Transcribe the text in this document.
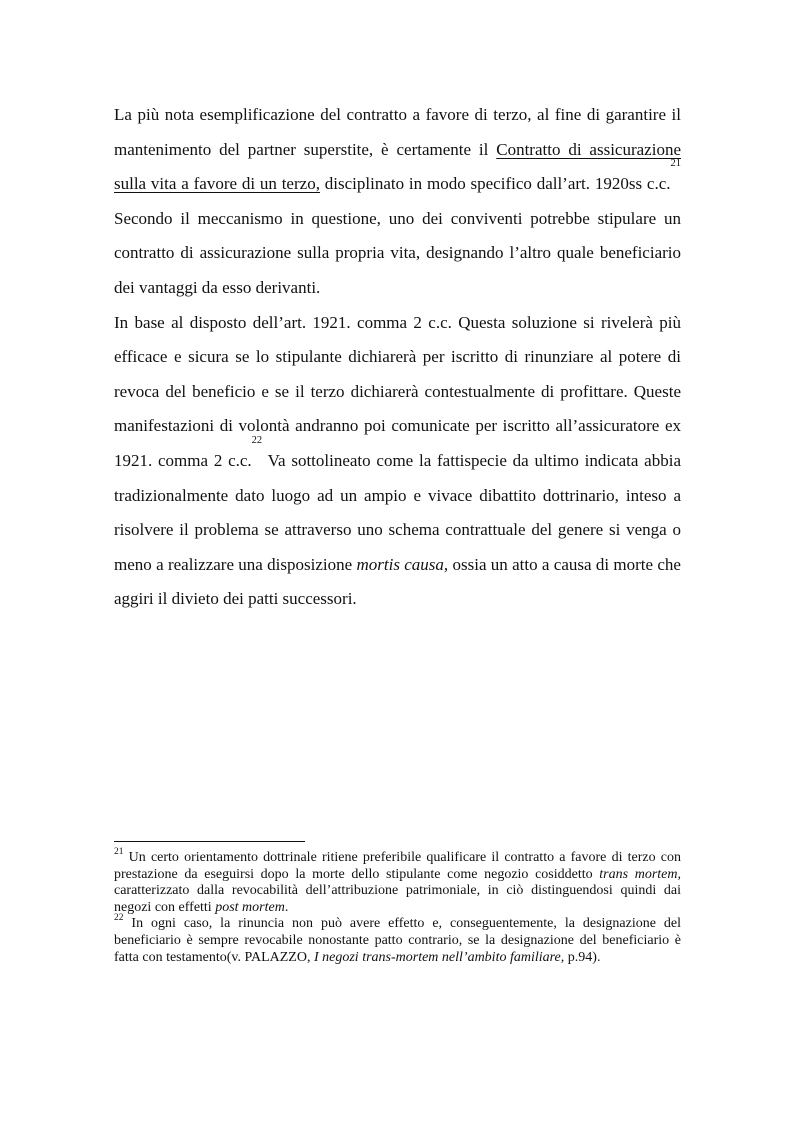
La più nota esemplificazione del contratto a favore di terzo, al fine di garantire il mantenimento del partner superstite, è certamente il Contratto di assicurazione sulla vita a favore di un terzo, disciplinato in modo specifico dall’art. 1920ss c.c.$^{21}$ Secondo il meccanismo in questione, uno dei conviventi potrebbe stipulare un contratto di assicurazione sulla propria vita, designando l’altro quale beneficiario dei vantaggi da esso derivanti.

In base al disposto dell’art. 1921. comma 2 c.c. Questa soluzione si rivelerà più efficace e sicura se lo stipulante dichiarerà per iscritto di rinunziare al potere di revoca del beneficio e se il terzo dichiarerà contestualmente di profittare. Queste manifestazioni di volontà andranno poi comunicate per iscritto all’assicuratore ex 1921. comma 2 c.c.$^{22}$ Va sottolineato come la fattispecie da ultimo indicata abbia tradizionalmente dato luogo ad un ampio e vivace dibattito dottrinario, inteso a risolvere il problema se attraverso uno schema contrattuale del genere si venga o meno a realizzare una disposizione mortis causa, ossia un atto a causa di morte che aggiri il divieto dei patti successori.

$^{21}$ Un certo orientamento dottrinale ritiene preferibile qualificare il contratto a favore di terzo con prestazione da eseguirsi dopo la morte dello stipulante come negozio cosiddetto trans mortem, caratterizzato dalla revocabilità dell’attribuzione patrimoniale, in ciò distinguendosi quindi dai negozi con effetti post mortem.

$^{22}$ In ogni caso, la rinuncia non può avere effetto e, conseguentemente, la designazione del beneficiario è sempre revocabile nonostante patto contrario, se la designazione del beneficiario è fatta con testamento(v. PALAZZO, I negozi trans-mortem nell’ambito familiare, p.94).
